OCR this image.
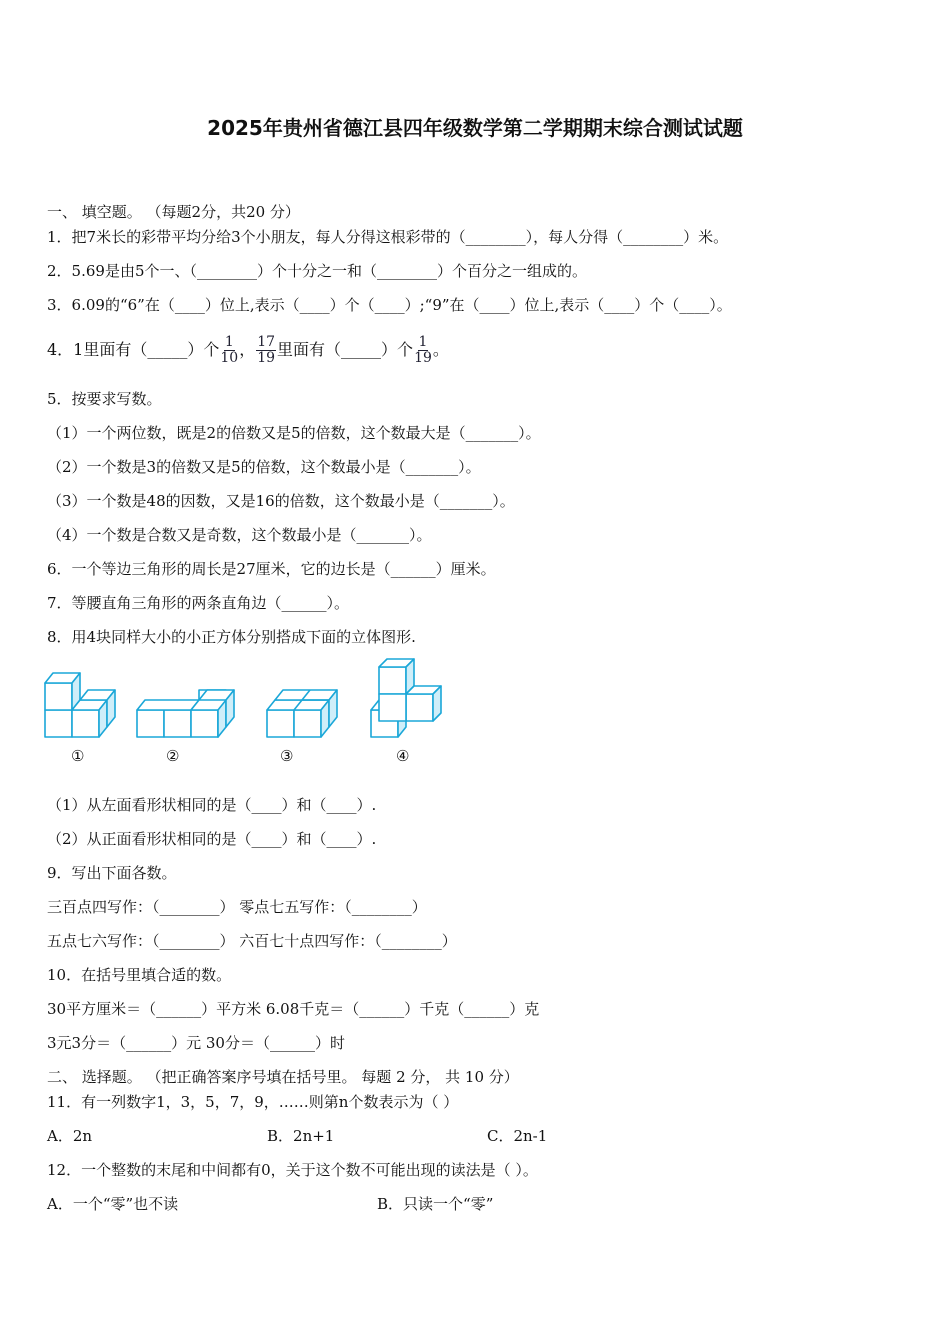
2025年贵州省德江县四年级数学第二学期期末综合测试试题
一、 填空题。 （每题2分，共20 分）
1．把7米长的彩带平均分给3个小朋友，每人分得这根彩带的（________），每人分得（________）米。
2．5.69是由5个一、（________）个十分之一和（________）个百分之一组成的。
3．6.09的“6”在（____）位上,表示（____）个（____）;“9”在（____）位上,表示（____）个（____）。
4．1里面有（_____）个 $\frac{1}{10}$ ， $\frac{17}{19}$ 里面有（_____）个 $\frac{1}{19}$ 。
5．按要求写数。
（1）一个两位数，既是2的倍数又是5的倍数，这个数最大是（_______）。
（2）一个数是3的倍数又是5的倍数，这个数最小是（_______）。
（3）一个数是48的因数，又是16的倍数，这个数最小是（_______）。
（4）一个数是合数又是奇数，这个数最小是（_______）。
6．一个等边三角形的周长是27厘米，它的边长是（______）厘米。
7．等腰直角三角形的两条直角边（______）。
8．用4块同样大小的小正方体分别搭成下面的立体图形.
①	②	③	④
（1）从左面看形状相同的是（____）和（____）.
（2）从正面看形状相同的是（____）和（____）.
9．写出下面各数。
三百点四写作：（________） 零点七五写作：（________）
五点七六写作：（________） 六百七十点四写作：（________）
10．在括号里填合适的数。
30平方厘米＝（______）平方米 6.08千克＝（______）千克（______）克
3元3分＝（______）元 30分＝（______）时
二、 选择题。 （把正确答案序号填在括号里。 每题 2 分， 共 10 分）
11．有一列数字1，3，5，7，9，……则第n个数表示为（ ）
A．2n	B．2n+1	C．2n-1
12．一个整数的末尾和中间都有0，关于这个数不可能出现的读法是（ ）。
A．一个“零”也不读	B．只读一个“零”
